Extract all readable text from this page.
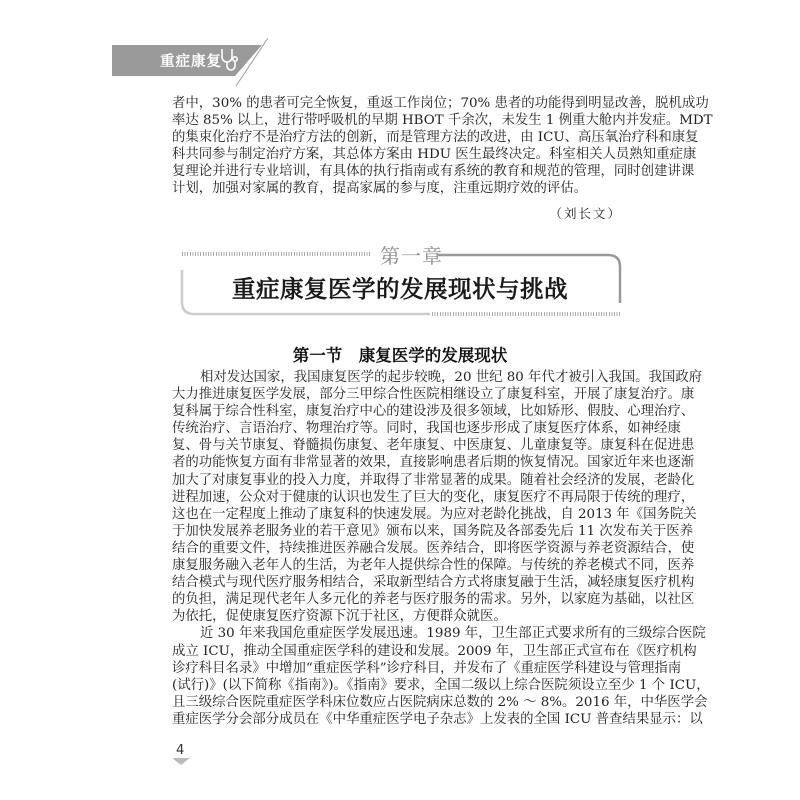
重症康复
者中，30% 的患者可完全恢复，重返工作岗位；70% 患者的功能得到明显改善，脱机成功
率达 85% 以上，进行带呼吸机的早期 HBOT 千余次，未发生 1 例重大舱内并发症。MDT
的集束化治疗不是治疗方法的创新，而是管理方法的改进，由 ICU、高压氧治疗科和康复
科共同参与制定治疗方案，其总体方案由 HDU 医生最终决定。科室相关人员熟知重症康
复理论并进行专业培训，有具体的执行指南或有系统的教育和规范的管理，同时创建讲课
计划，加强对家属的教育，提高家属的参与度，注重远期疗效的评估。
（刘长文）
第一章
重症康复医学的发展现状与挑战
第一节　康复医学的发展现状
相对发达国家，我国康复医学的起步较晚，20 世纪 80 年代才被引入我国。我国政府
大力推进康复医学发展，部分三甲综合性医院相继设立了康复科室，开展了康复治疗。康
复科属于综合性科室，康复治疗中心的建设涉及很多领域，比如矫形、假肢、心理治疗、
传统治疗、言语治疗、物理治疗等。同时，我国也逐步形成了康复医疗体系，如神经康
复、骨与关节康复、脊髓损伤康复、老年康复、中医康复、儿童康复等。康复科在促进患
者的功能恢复方面有非常显著的效果，直接影响患者后期的恢复情况。国家近年来也逐渐
加大了对康复事业的投入力度，并取得了非常显著的成果。随着社会经济的发展，老龄化
进程加速，公众对于健康的认识也发生了巨大的变化，康复医疗不再局限于传统的理疗，
这也在一定程度上推动了康复科的快速发展。为应对老龄化挑战，自 2013 年《国务院关
于加快发展养老服务业的若干意见》颁布以来，国务院及各部委先后 11 次发布关于医养
结合的重要文件，持续推进医养融合发展。医养结合，即将医学资源与养老资源结合，使
康复服务融入老年人的生活，为老年人提供综合性的保障。与传统的养老模式不同，医养
结合模式与现代医疗服务相结合，采取新型结合方式将康复融于生活，减轻康复医疗机构
的负担，满足现代老年人多元化的养老与医疗服务的需求。另外，以家庭为基础，以社区
为依托，促使康复医疗资源下沉于社区，方便群众就医。
近 30 年来我国危重症医学发展迅速。1989 年，卫生部正式要求所有的三级综合医院
成立 ICU，推动全国重症医学科的建设和发展。2009 年，卫生部正式宣布在《医疗机构
诊疗科目名录》中增加“重症医学科”诊疗科目，并发布了《重症医学科建设与管理指南
(试行)》(以下简称《指南》)。《指南》要求，全国二级以上综合医院须设立至少 1 个 ICU，
且三级综合医院重症医学科床位数应占医院病床总数的 2% ～ 8%。2016 年，中华医学会
重症医学分会部分成员在《中华重症医学电子杂志》上发表的全国 ICU 普查结果显示：以
4
